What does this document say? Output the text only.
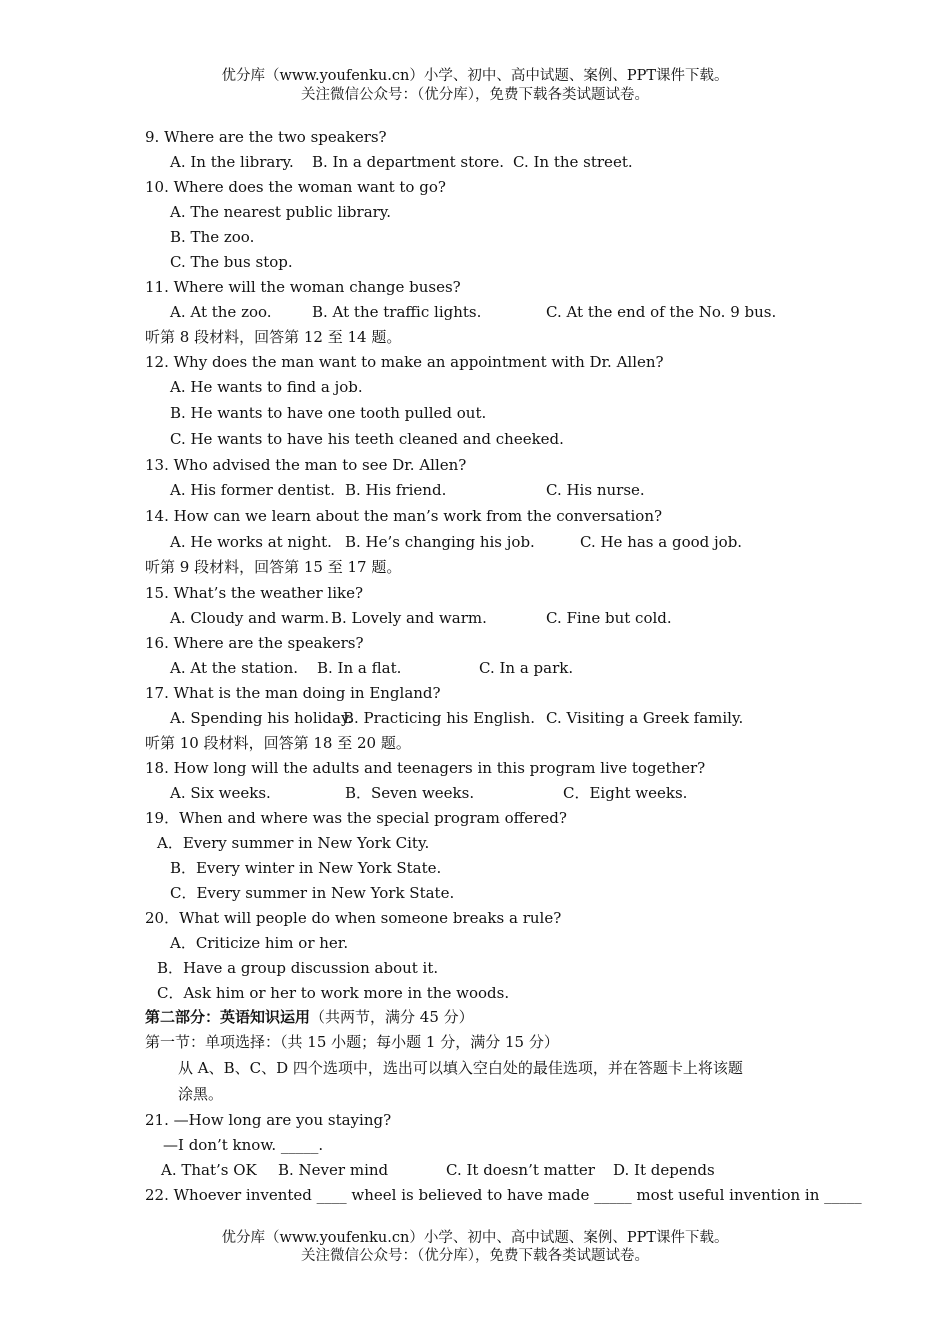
优分库（www.youfenku.cn）小学、初中、高中试题、案例、PPT课件下载。

关注微信公众号：（优分库），免费下载各类试题试卷。

9. Where are the two speakers?

A. In the library. B. In a department store. C. In the street.

10. Where does the woman want to go?

A. The nearest public library.

B. The zoo.

C. The bus stop.

11. Where will the woman change buses?

A. At the zoo.	B. At the traffic lights.	C. At the end of the No. 9 bus.

听第 8 段材料，回答第 12 至 14 题。

12. Why does the man want to make an appointment with Dr. Allen?

A. He wants to find a job.

B. He wants to have one tooth pulled out.

C. He wants to have his teeth cleaned and cheeked.

13. Who advised the man to see Dr. Allen?

A. His former dentist. B. His friend.	C. His nurse.

14. How can we learn about the man’s work from the conversation?

A. He works at night. B. He’s changing his job.	C. He has a good job.

听第 9 段材料，回答第 15 至 17 题。

15. What’s the weather like?

A. Cloudy and warm. B. Lovely and warm.	C. Fine but cold.

16. Where are the speakers?

A. At the station. B. In a flat.	C. In a park.

17. What is the man doing in England?

A. Spending his holiday.

B. Practicing his English. C. Visiting a Greek family.

听第 10 段材料，回答第 18 至 20 题。

18. How long will the adults and teenagers in this program live together?

A. Six weeks.	B．Seven weeks.	C．Eight weeks.

19．When and where was the special program offered?

A．Every summer in New York City.

B．Every winter in New York State.

C．Every summer in New York State.

20．What will people do when someone breaks a rule?

A．Criticize him or her.

B．Have a group discussion about it.

C．Ask him or her to work more in the woods.

第二部分：英语知识运用（共两节，满分 45 分）

第一节：单项选择：（共 15 小题；每小题 1 分，满分 15 分）

从 A、B、C、D 四个选项中，选出可以填入空白处的最佳选项，并在答题卡上将该题

涂黑。

21. —How long are you staying?

—I don’t know. _____.

A. That’s OK B. Never mind	C. It doesn’t matter D. It depends

22. Whoever invented ____ wheel is believed to have made _____ most useful invention in _____

优分库（www.youfenku.cn）小学、初中、高中试题、案例、PPT课件下载。

关注微信公众号：（优分库），免费下载各类试题试卷。
